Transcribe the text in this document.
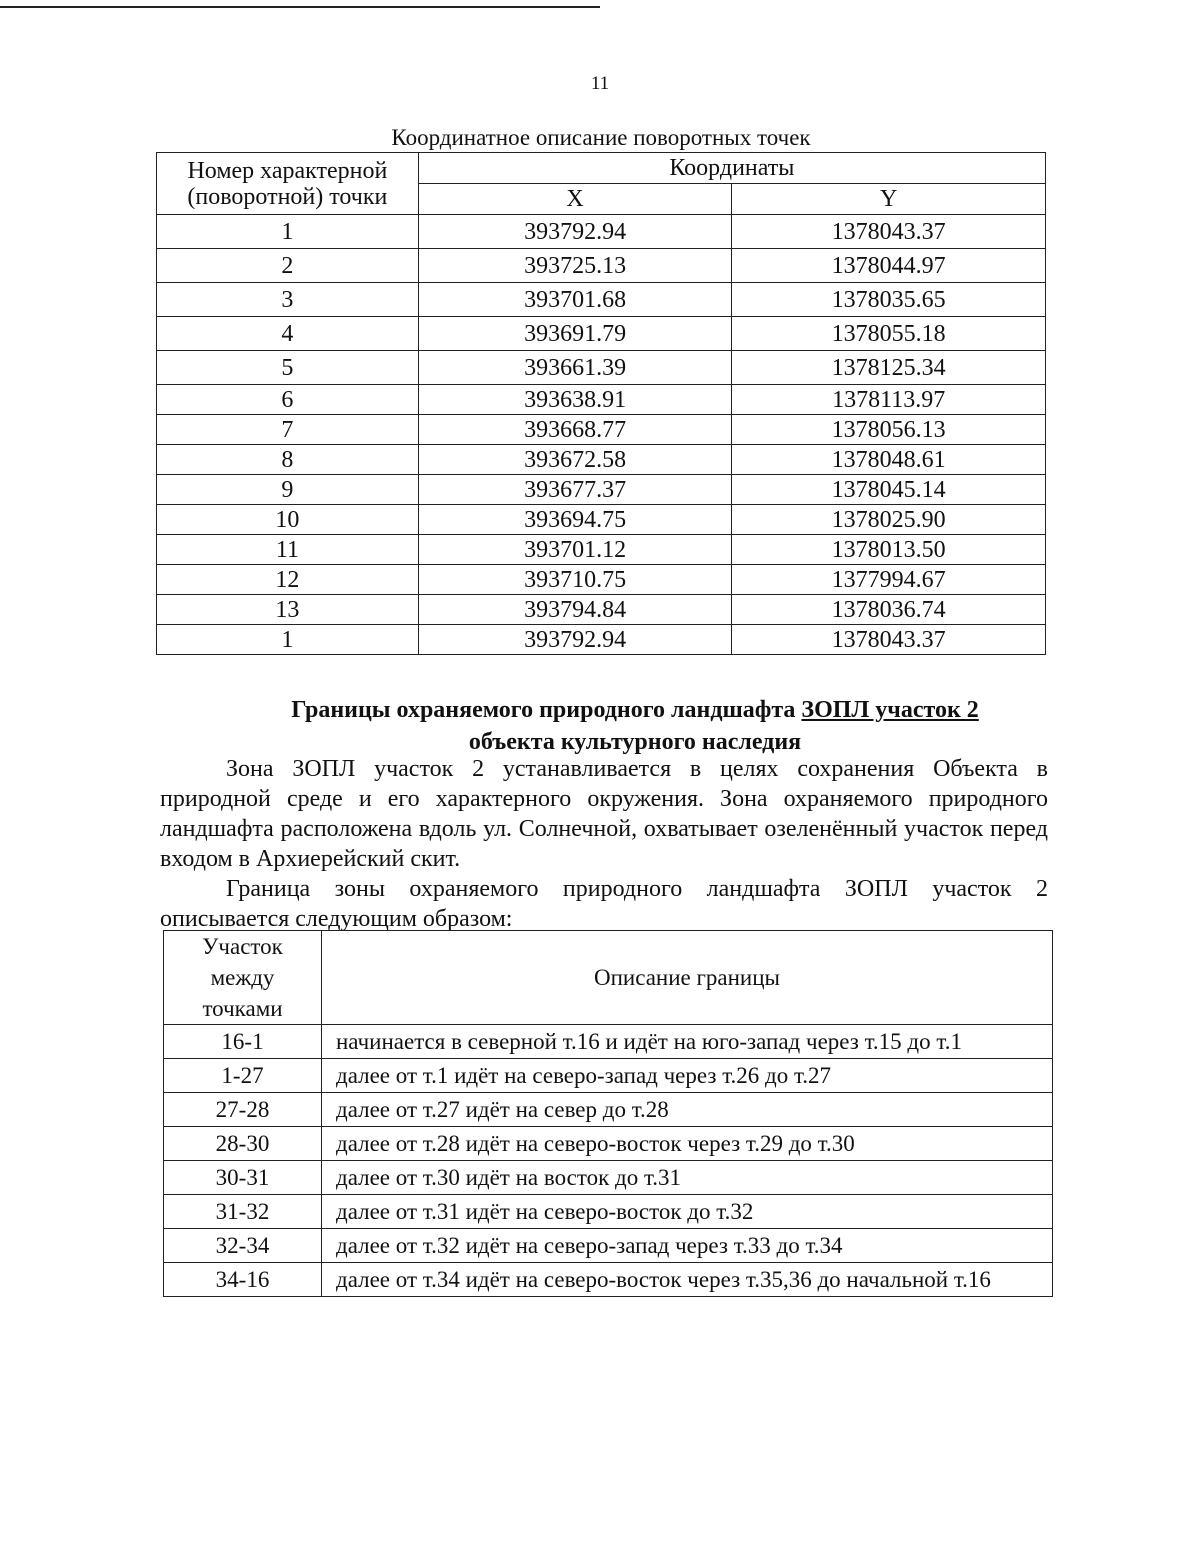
11
Координатное описание поворотных точек
Номер характерной
(поворотной) точки	Координаты	
	X	Y
1	393792.94	1378043.37
2	393725.13	1378044.97
3	393701.68	1378035.65
4	393691.79	1378055.18
5	393661.39	1378125.34
6	393638.91	1378113.97
7	393668.77	1378056.13
8	393672.58	1378048.61
9	393677.37	1378045.14
10	393694.75	1378025.90
11	393701.12	1378013.50
12	393710.75	1377994.67
13	393794.84	1378036.74
1	393792.94	1378043.37
Границы охраняемого природного ландшафта ЗОПЛ участок 2
объекта культурного наследия

Зона ЗОПЛ участок 2 устанавливается в целях сохранения Объекта в природной среде и его характерного окружения. Зона охраняемого природного ландшафта расположена вдоль ул. Солнечной, охватывает озеленённый участок перед входом в Архиерейский скит.

Граница зоны охраняемого природного ландшафта ЗОПЛ участок 2 описывается следующим образом:

Участок
между
точками	Описание границы
16-1	начинается в северной т.16 и идёт на юго-запад через т.15 до т.1
1-27	далее от т.1 идёт на северо-запад через т.26 до т.27
27-28	далее от т.27 идёт на север до т.28
28-30	далее от т.28 идёт на северо-восток через т.29 до т.30
30-31	далее от т.30 идёт на восток до т.31
31-32	далее от т.31 идёт на северо-восток до т.32
32-34	далее от т.32 идёт на северо-запад через т.33 до т.34
34-16	далее от т.34 идёт на северо-восток через т.35,36 до начальной т.16
